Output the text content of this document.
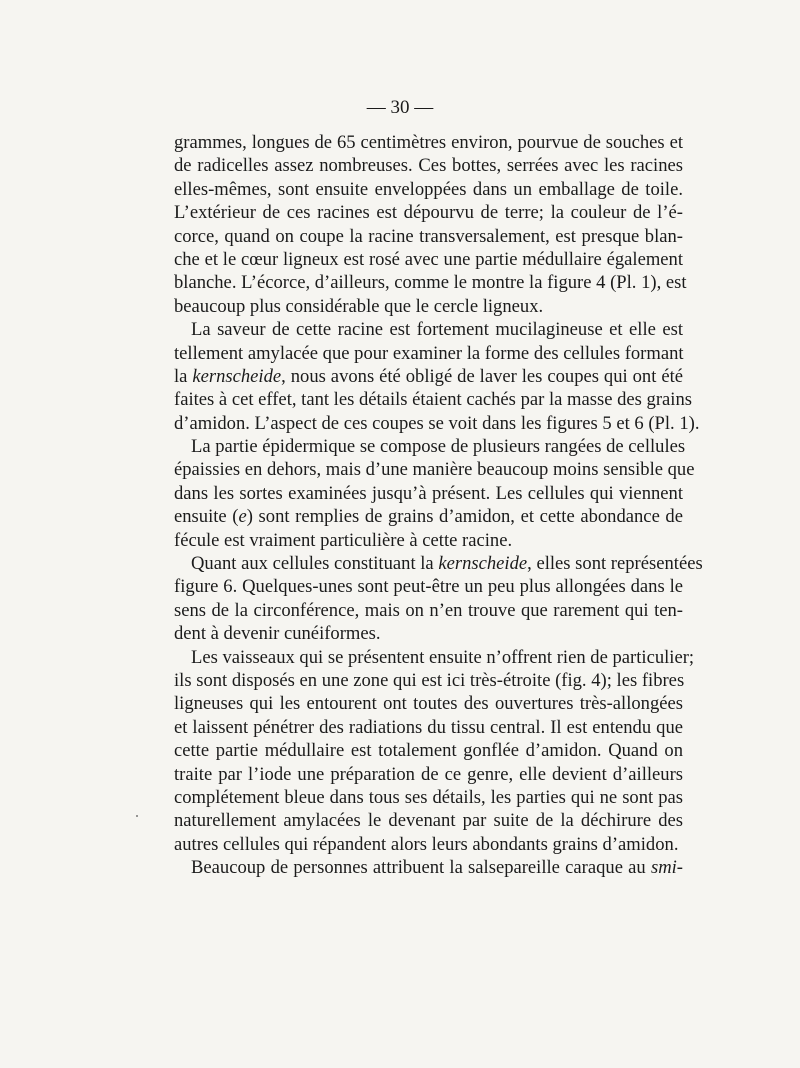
— 30 —
grammes, longues de 65 centimètres environ, pourvue de souches et
de radicelles assez nombreuses. Ces bottes, serrées avec les racines
elles-mêmes, sont ensuite enveloppées dans un emballage de toile.
L’extérieur de ces racines est dépourvu de terre; la couleur de l’é-
corce, quand on coupe la racine transversalement, est presque blan-
che et le cœur ligneux est rosé avec une partie médullaire également
blanche. L’écorce, d’ailleurs, comme le montre la figure 4 (Pl. 1), est
beaucoup plus considérable que le cercle ligneux.
La saveur de cette racine est fortement mucilagineuse et elle est
tellement amylacée que pour examiner la forme des cellules formant
la kernscheide, nous avons été obligé de laver les coupes qui ont été
faites à cet effet, tant les détails étaient cachés par la masse des grains
d’amidon. L’aspect de ces coupes se voit dans les figures 5 et 6 (Pl. 1).
La partie épidermique se compose de plusieurs rangées de cellules
épaissies en dehors, mais d’une manière beaucoup moins sensible que
dans les sortes examinées jusqu’à présent. Les cellules qui viennent
ensuite (e) sont remplies de grains d’amidon, et cette abondance de
fécule est vraiment particulière à cette racine.
Quant aux cellules constituant la kernscheide, elles sont représentées
figure 6. Quelques-unes sont peut-être un peu plus allongées dans le
sens de la circonférence, mais on n’en trouve que rarement qui ten-
dent à devenir cunéiformes.
Les vaisseaux qui se présentent ensuite n’offrent rien de particulier;
ils sont disposés en une zone qui est ici très-étroite (fig. 4); les fibres
ligneuses qui les entourent ont toutes des ouvertures très-allongées
et laissent pénétrer des radiations du tissu central. Il est entendu que
cette partie médullaire est totalement gonflée d’amidon. Quand on
traite par l’iode une préparation de ce genre, elle devient d’ailleurs
complétement bleue dans tous ses détails, les parties qui ne sont pas
naturellement amylacées le devenant par suite de la déchirure des
autres cellules qui répandent alors leurs abondants grains d’amidon.
Beaucoup de personnes attribuent la salsepareille caraque au smi-
